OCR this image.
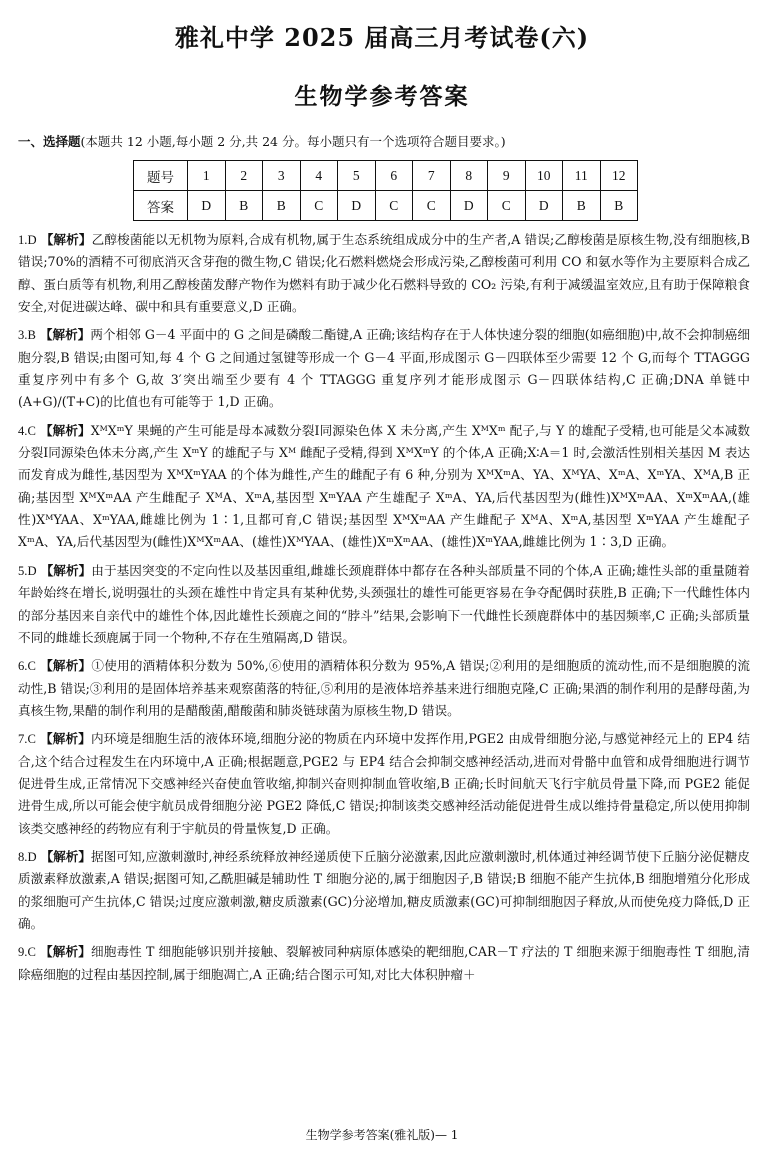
雅礼中学 2025 届高三月考试卷(六)
生物学参考答案
一、选择题(本题共 12 小题,每小题 2 分,共 24 分。每小题只有一个选项符合题目要求。)
题号	1	2	3	4	5	6	7	8	9	10	11	12
答案	D	B	B	C	D	C	C	D	C	D	B	B

1.D 【解析】乙醇梭菌能以无机物为原料,合成有机物,属于生态系统组成成分中的生产者,A 错误;乙醇梭菌是原核生物,没有细胞核,B 错误;70%的酒精不可彻底消灭含芽孢的微生物,C 错误;化石燃料燃烧会形成污染,乙醇梭菌可利用 CO 和氨水等作为主要原料合成乙醇、蛋白质等有机物,利用乙醇梭菌发酵产物作为燃料有助于减少化石燃料导致的 CO₂ 污染,有利于减缓温室效应,且有助于保障粮食安全,对促进碳达峰、碳中和具有重要意义,D 正确。

3.B 【解析】两个相邻 G－4 平面中的 G 之间是磷酸二酯键,A 正确;该结构存在于人体快速分裂的细胞(如癌细胞)中,故不会抑制癌细胞分裂,B 错误;由图可知,每 4 个 G 之间通过氢键等形成一个 G－4 平面,形成图示 G－四联体至少需要 12 个 G,而每个 TTAGGG 重复序列中有多个 G,故 3′突出端至少要有 4 个 TTAGGG 重复序列才能形成图示 G－四联体结构,C 正确;DNA 单链中(A+G)/(T+C)的比值也有可能等于 1,D 正确。

4.C 【解析】XᴹXᵐY 果蝇的产生可能是母本减数分裂Ⅰ同源染色体 X 未分离,产生 XᴹXᵐ 配子,与 Y 的雄配子受精,也可能是父本减数分裂Ⅰ同源染色体未分离,产生 XᵐY 的雄配子与 Xᴹ 雌配子受精,得到 XᴹXᵐY 的个体,A 正确;X∶A＝1 时,会激活性别相关基因 M 表达而发育成为雌性,基因型为 XᴹXᵐYAA 的个体为雌性,产生的雌配子有 6 种,分别为 XᴹXᵐA、YA、XᴹYA、XᵐA、XᵐYA、XᴹA,B 正确;基因型 XᴹXᵐAA 产生雌配子 XᴹA、XᵐA,基因型 XᵐYAA 产生雄配子 XᵐA、YA,后代基因型为(雌性)XᴹXᵐAA、XᵐXᵐAA,(雄性)XᴹYAA、XᵐYAA,雌雄比例为 1∶1,且都可育,C 错误;基因型 XᴹXᵐAA 产生雌配子 XᴹA、XᵐA,基因型 XᵐYAA 产生雄配子 XᵐA、YA,后代基因型为(雌性)XᴹXᵐAA、(雄性)XᴹYAA、(雄性)XᵐXᵐAA、(雄性)XᵐYAA,雌雄比例为 1∶3,D 正确。

5.D 【解析】由于基因突变的不定向性以及基因重组,雌雄长颈鹿群体中都存在各种头部质量不同的个体,A 正确;雄性头部的重量随着年龄始终在增长,说明强壮的头颈在雄性中肯定具有某种优势,头颈强壮的雄性可能更容易在争夺配偶时获胜,B 正确;下一代雌性体内的部分基因来自亲代中的雄性个体,因此雄性长颈鹿之间的“脖斗”结果,会影响下一代雌性长颈鹿群体中的基因频率,C 正确;头部质量不同的雌雄长颈鹿属于同一个物种,不存在生殖隔离,D 错误。

6.C 【解析】①使用的酒精体积分数为 50%,⑥使用的酒精体积分数为 95%,A 错误;②利用的是细胞质的流动性,而不是细胞膜的流动性,B 错误;③利用的是固体培养基来观察菌落的特征,⑤利用的是液体培养基来进行细胞克隆,C 正确;果酒的制作利用的是酵母菌,为真核生物,果醋的制作利用的是醋酸菌,醋酸菌和肺炎链球菌为原核生物,D 错误。

7.C 【解析】内环境是细胞生活的液体环境,细胞分泌的物质在内环境中发挥作用,PGE2 由成骨细胞分泌,与感觉神经元上的 EP4 结合,这个结合过程发生在内环境中,A 正确;根据题意,PGE2 与 EP4 结合会抑制交感神经活动,进而对骨骼中血管和成骨细胞进行调节促进骨生成,正常情况下交感神经兴奋使血管收缩,抑制兴奋则抑制血管收缩,B 正确;长时间航天飞行宇航员骨量下降,而 PGE2 能促进骨生成,所以可能会使宇航员成骨细胞分泌 PGE2 降低,C 错误;抑制该类交感神经活动能促进骨生成以维持骨量稳定,所以使用抑制该类交感神经的药物应有利于宇航员的骨量恢复,D 正确。

8.D 【解析】据图可知,应激刺激时,神经系统释放神经递质使下丘脑分泌激素,因此应激刺激时,机体通过神经调节使下丘脑分泌促糖皮质激素释放激素,A 错误;据图可知,乙酰胆碱是辅助性 T 细胞分泌的,属于细胞因子,B 错误;B 细胞不能产生抗体,B 细胞增殖分化形成的浆细胞可产生抗体,C 错误;过度应激刺激,糖皮质激素(GC)分泌增加,糖皮质激素(GC)可抑制细胞因子释放,从而使免疫力降低,D 正确。

9.C 【解析】细胞毒性 T 细胞能够识别并接触、裂解被同种病原体感染的靶细胞,CAR－T 疗法的 T 细胞来源于细胞毒性 T 细胞,清除癌细胞的过程由基因控制,属于细胞凋亡,A 正确;结合图示可知,对比大体积肿瘤＋

生物学参考答案(雅礼版)— 1
